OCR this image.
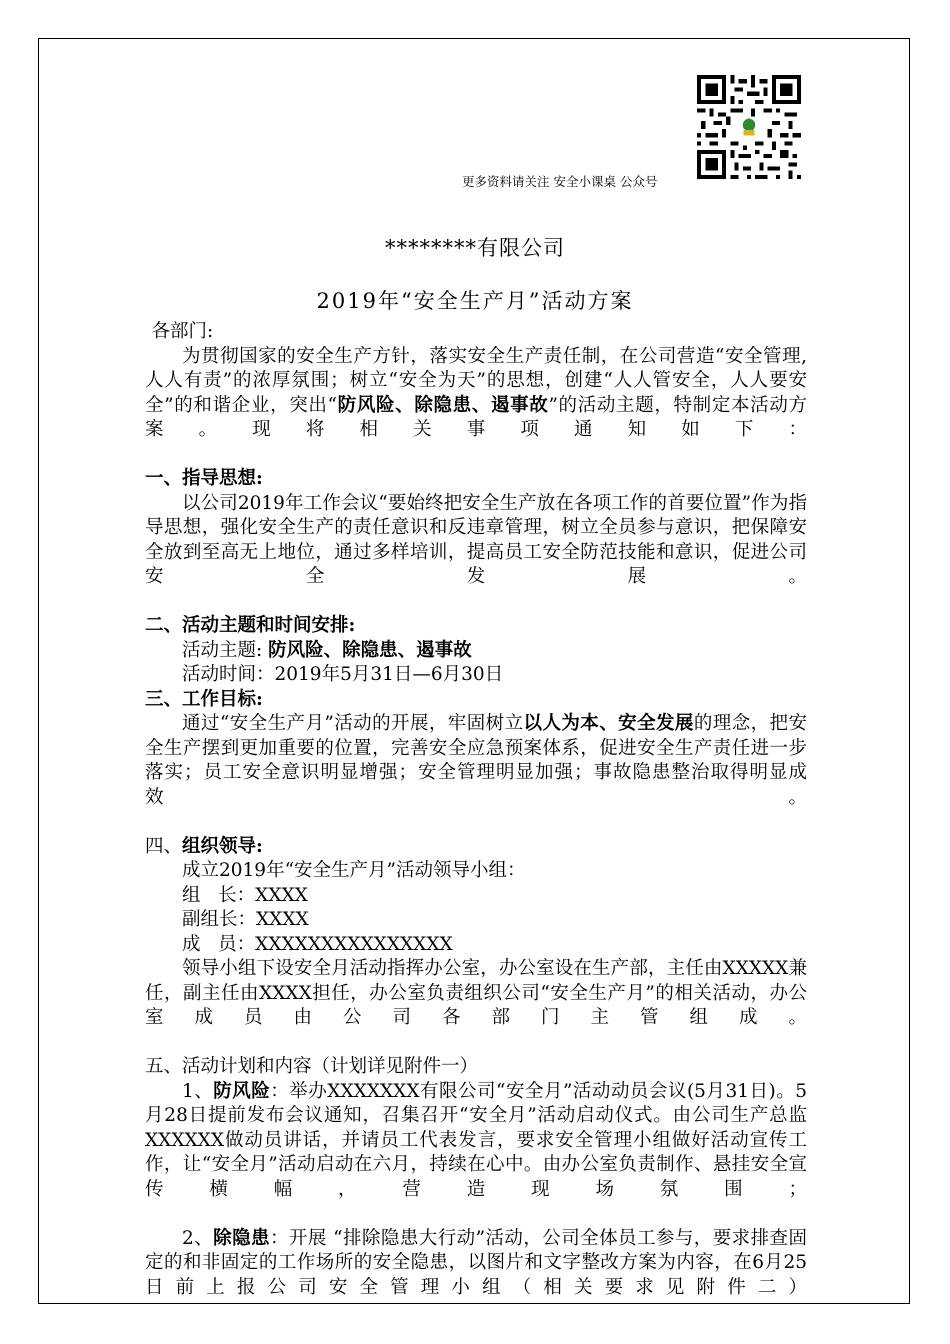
更多资料请关注 安全小课桌 公众号
********有限公司
2019年“安全生产月”活动方案
各部门:
为贯彻国家的安全生产方针，落实安全生产责任制，在公司营造“安全管理,人人有责”的浓厚氛围；树立“安全为天”的思想，创建“人人管安全，人人要安全”的和谐企业，突出“防风险、除隐患、遏事故”的活动主题，特制定本活动方案。现将相关事项通知如下：
一、指导思想:
以公司2019年工作会议“要始终把安全生产放在各项工作的首要位置”作为指导思想，强化安全生产的责任意识和反违章管理，树立全员参与意识，把保障安全放到至高无上地位，通过多样培训，提高员工安全防范技能和意识，促进公司安全发展。
二、活动主题和时间安排:
活动主题: 防风险、除隐患、遏事故
活动时间：2019年5月31日—6月30日
三、工作目标:
通过“安全生产月”活动的开展，牢固树立以人为本、安全发展的理念，把安全生产摆到更加重要的位置，完善安全应急预案体系，促进安全生产责任进一步落实；员工安全意识明显增强；安全管理明显加强；事故隐患整治取得明显成效。
四、组织领导:
成立2019年“安全生产月”活动领导小组：
组   长：XXXX
副组长：XXXX
成   员：XXXXXXXXXXXXXXX
领导小组下设安全月活动指挥办公室，办公室设在生产部，主任由XXXXX兼任，副主任由XXXX担任，办公室负责组织公司“安全生产月”的相关活动，办公室成员由公司各部门主管组成。
五、活动计划和内容（计划详见附件一）
1、防风险：举办XXXXXXX有限公司“安全月”活动动员会议(5月31日)。5月28日提前发布会议通知，召集召开“安全月”活动启动仪式。由公司生产总监XXXXXX做动员讲话，并请员工代表发言，要求安全管理小组做好活动宣传工作，让“安全月”活动启动在六月，持续在心中。由办公室负责制作、悬挂安全宣传横幅，营造现场氛围；
2、除隐患：开展 “排除隐患大行动”活动，公司全体员工参与，要求排查固定的和非固定的工作场所的安全隐患，以图片和文字整改方案为内容，在6月25日前上报公司安全管理小组（相关要求见附件二）
